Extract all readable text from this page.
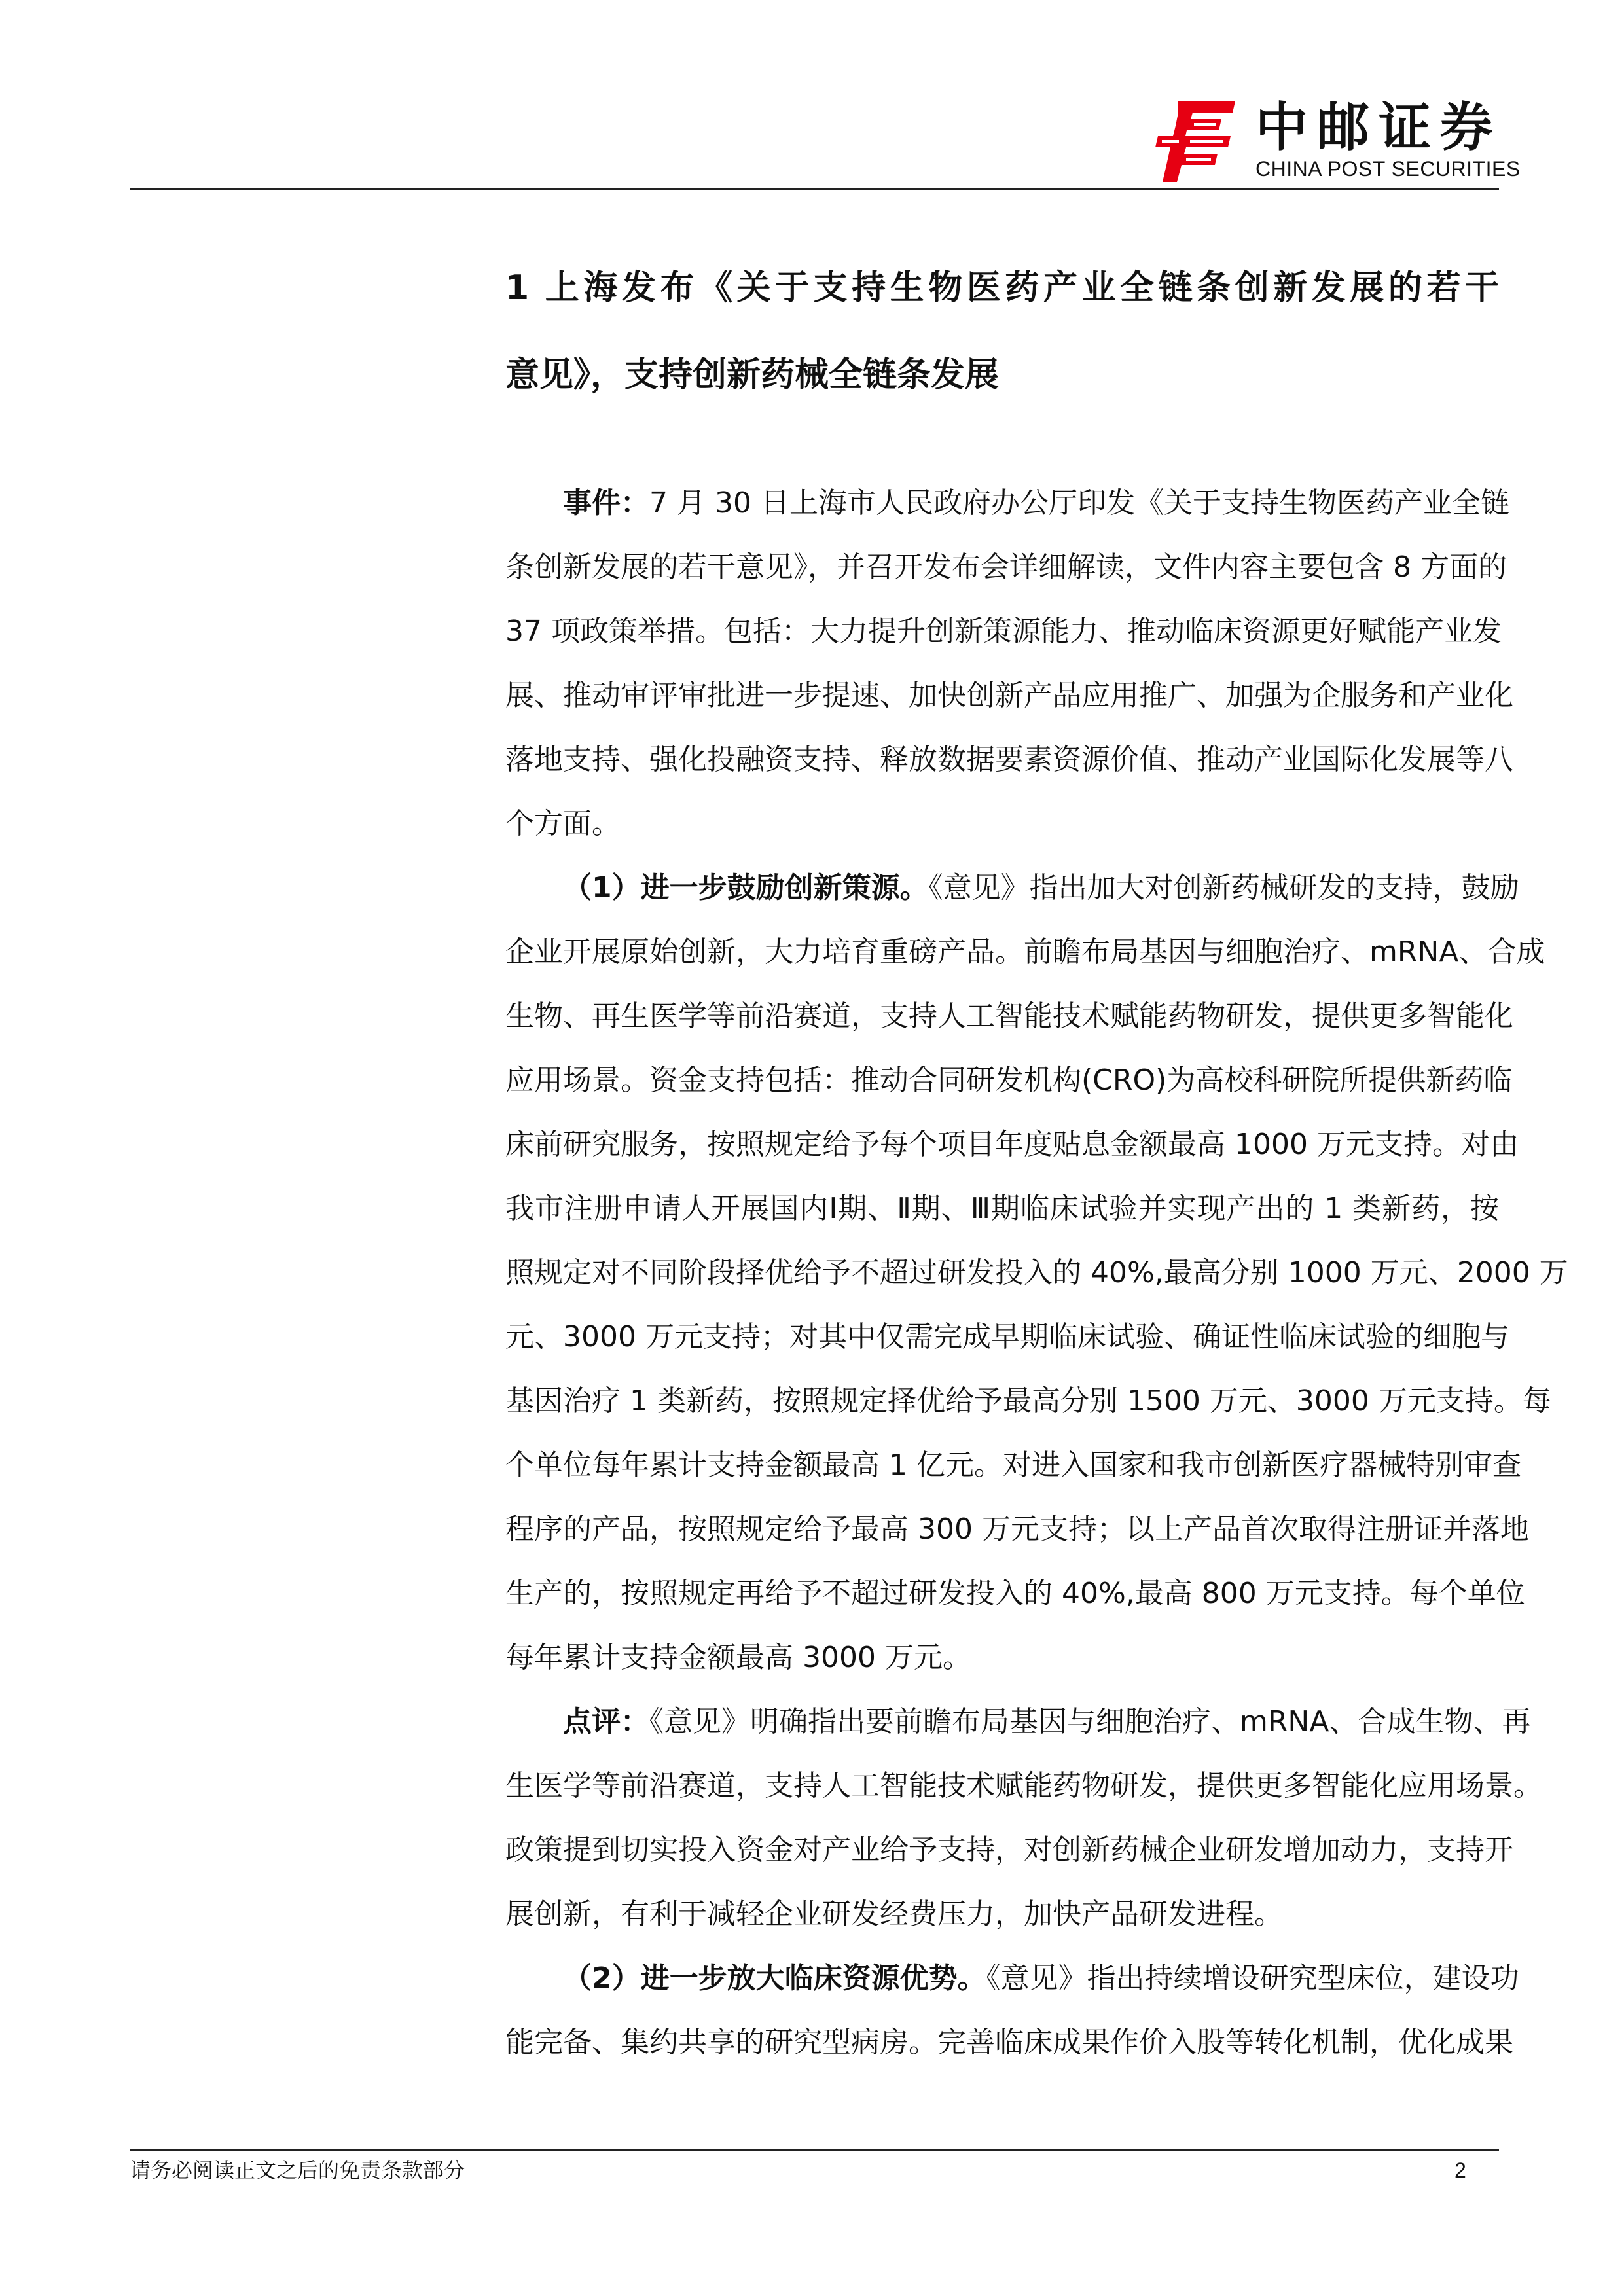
中邮证券
CHINA POST SECURITIES
1 上海发布《关于支持生物医药产业全链条创新发展的若干
意见》，支持创新药械全链条发展
事件：7 月 30 日上海市人民政府办公厅印发《关于支持生物医药产业全链
条创新发展的若干意见》，并召开发布会详细解读，文件内容主要包含 8 方面的
37 项政策举措。包括：大力提升创新策源能力、推动临床资源更好赋能产业发
展、推动审评审批进一步提速、加快创新产品应用推广、加强为企服务和产业化
落地支持、强化投融资支持、释放数据要素资源价值、推动产业国际化发展等八
个方面。
（1）进一步鼓励创新策源。《意见》指出加大对创新药械研发的支持，鼓励
企业开展原始创新，大力培育重磅产品。前瞻布局基因与细胞治疗、mRNA、合成
生物、再生医学等前沿赛道，支持人工智能技术赋能药物研发，提供更多智能化
应用场景。资金支持包括：推动合同研发机构(CRO)为高校科研院所提供新药临
床前研究服务，按照规定给予每个项目年度贴息金额最高 1000 万元支持。对由
我市注册申请人开展国内Ⅰ期、Ⅱ期、Ⅲ期临床试验并实现产出的 1 类新药，按
照规定对不同阶段择优给予不超过研发投入的 40%,最高分别 1000 万元、2000 万
元、3000 万元支持；对其中仅需完成早期临床试验、确证性临床试验的细胞与
基因治疗 1 类新药，按照规定择优给予最高分别 1500 万元、3000 万元支持。每
个单位每年累计支持金额最高 1 亿元。对进入国家和我市创新医疗器械特别审查
程序的产品，按照规定给予最高 300 万元支持；以上产品首次取得注册证并落地
生产的，按照规定再给予不超过研发投入的 40%,最高 800 万元支持。每个单位
每年累计支持金额最高 3000 万元。
点评：《意见》明确指出要前瞻布局基因与细胞治疗、mRNA、合成生物、再
生医学等前沿赛道，支持人工智能技术赋能药物研发，提供更多智能化应用场景。
政策提到切实投入资金对产业给予支持，对创新药械企业研发增加动力，支持开
展创新，有利于减轻企业研发经费压力，加快产品研发进程。
（2）进一步放大临床资源优势。《意见》指出持续增设研究型床位，建设功
能完备、集约共享的研究型病房。完善临床成果作价入股等转化机制，优化成果
请务必阅读正文之后的免责条款部分	2
